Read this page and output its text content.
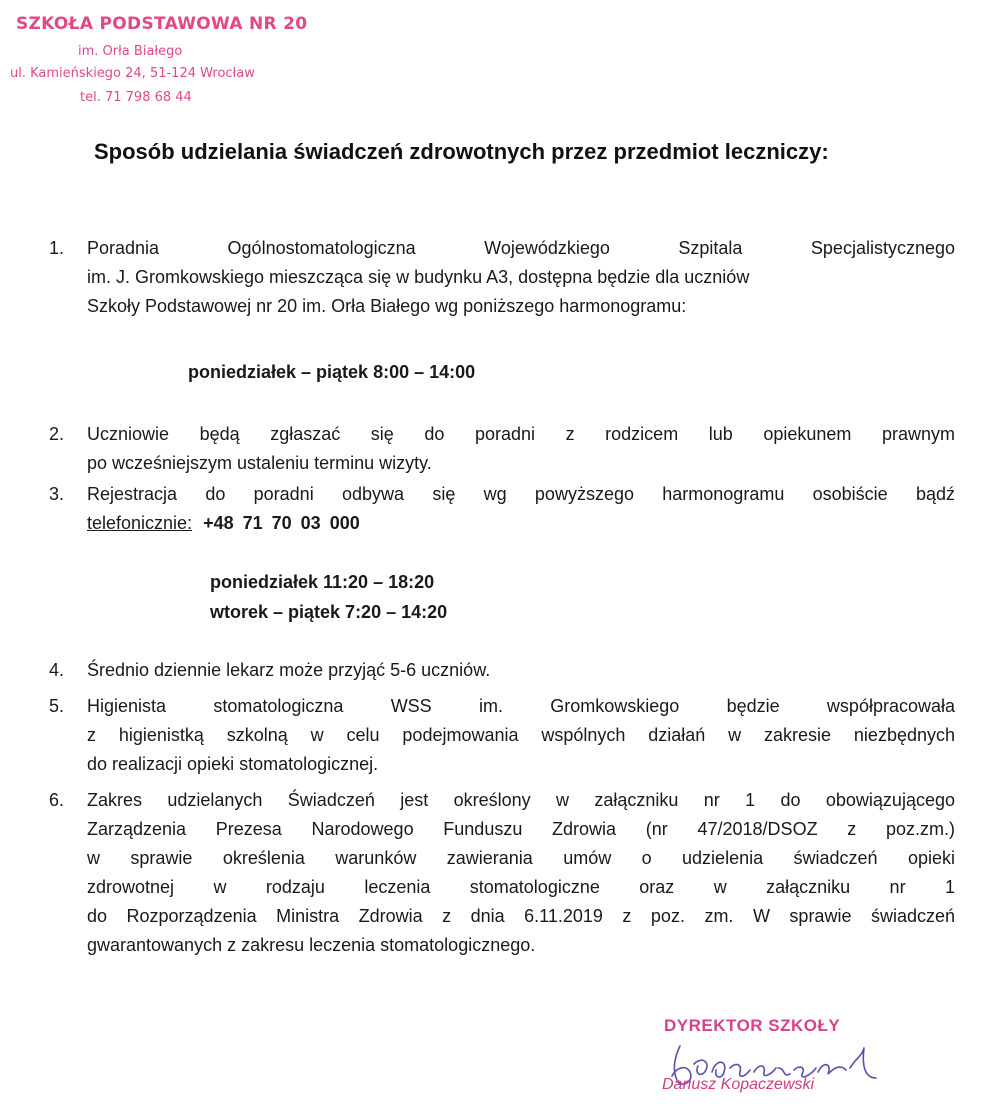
SZKOŁA PODSTAWOWA NR 20
im. Orła Białego
ul. Kamieńskiego 24, 51-124 Wrocław
tel. 71 798 68 44
Sposób udzielania świadczeń zdrowotnych przez przedmiot leczniczy:
1.	Poradnia Ogólnostomatologiczna Wojewódzkiego Szpitala Specjalistycznego
im. J. Gromkowskiego mieszcząca się w budynku A3, dostępna będzie dla uczniów
Szkoły Podstawowej nr 20 im. Orła Białego wg poniższego harmonogramu:
poniedziałek – piątek 8:00 – 14:00
2.	Uczniowie będą zgłaszać się do poradni z rodzicem lub opiekunem prawnym
po wcześniejszym ustaleniu terminu wizyty.
3.	Rejestracja do poradni odbywa się wg powyższego harmonogramu osobiście bądź
telefonicznie: +48 71 70 03 000
poniedziałek 11:20 – 18:20
wtorek – piątek 7:20 – 14:20
4.	Średnio dziennie lekarz może przyjąć 5-6 uczniów.
5.	Higienista stomatologiczna WSS im. Gromkowskiego będzie współpracowała
z higienistką szkolną w celu podejmowania wspólnych działań w zakresie niezbędnych
do realizacji opieki stomatologicznej.
6.	Zakres udzielanych Świadczeń jest określony w załączniku nr 1 do obowiązującego
Zarządzenia Prezesa Narodowego Funduszu Zdrowia (nr 47/2018/DSOZ z poz.zm.)
w sprawie określenia warunków zawierania umów o udzielenia świadczeń opieki
zdrowotnej w rodzaju leczenia stomatologiczne oraz w załączniku nr 1
do Rozporządzenia Ministra Zdrowia z dnia 6.11.2019 z poz. zm. W sprawie świadczeń
gwarantowanych z zakresu leczenia stomatologicznego.
DYREKTOR SZKOŁY
Dariusz Kopaczewski
